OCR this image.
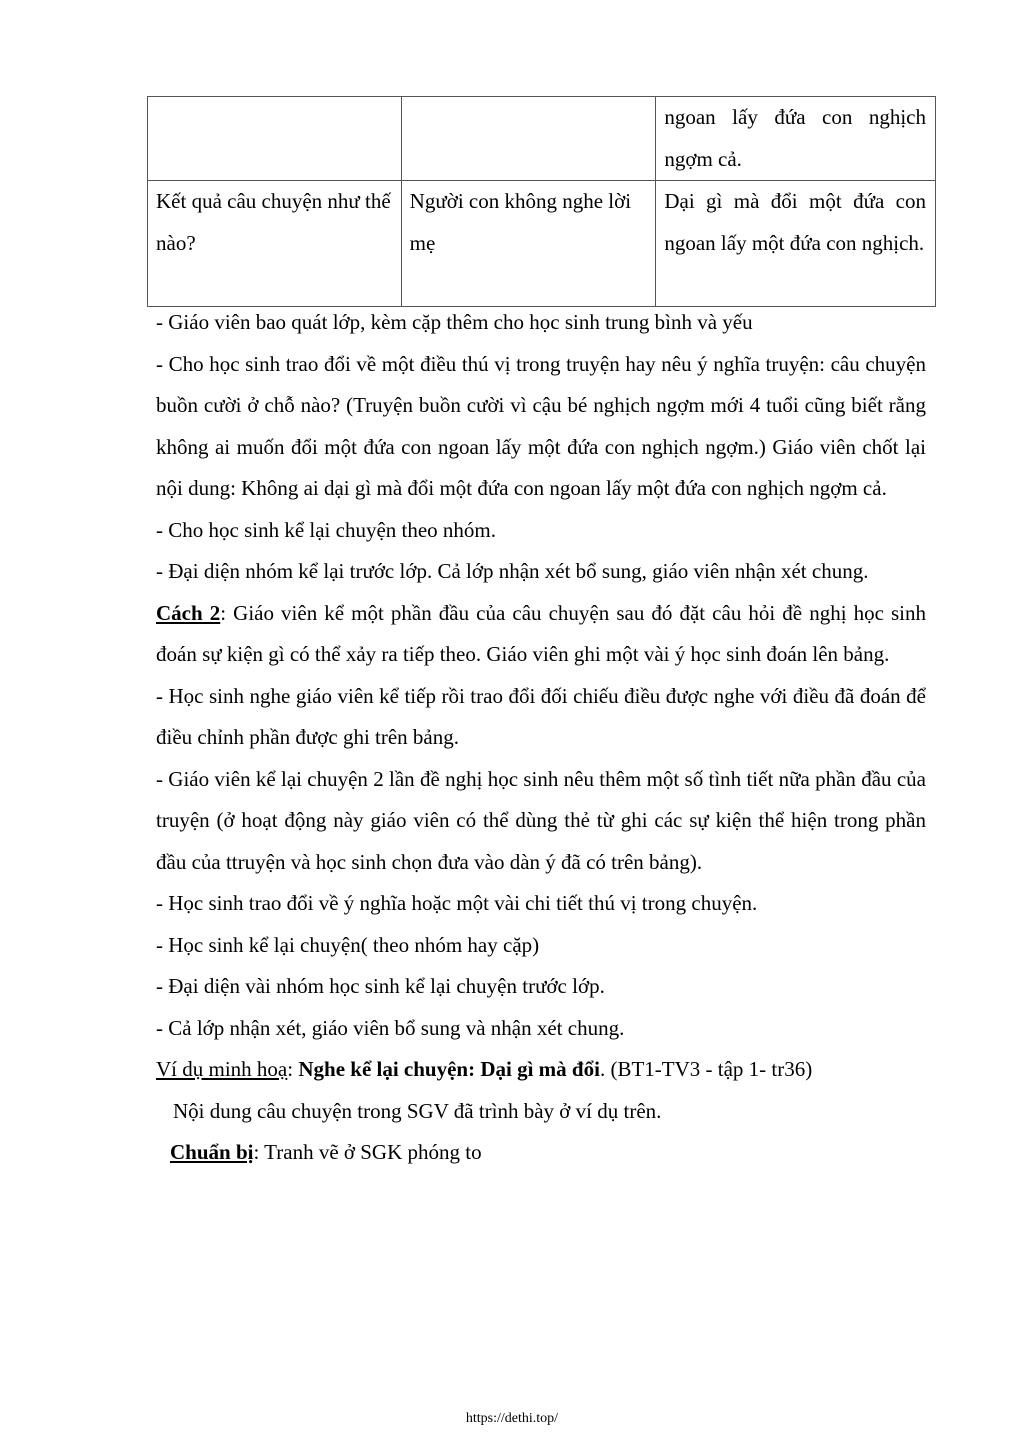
		ngoan lấy đứa con nghịch ngợm cả.
Kết quả câu chuyện như thế nào?	Người con không nghe lời mẹ	Dại gì mà đổi một đứa con ngoan lấy một đứa con nghịch.

- Giáo viên bao quát lớp, kèm cặp thêm cho học sinh trung bình và yếu

- Cho học sinh trao đổi về một điều thú vị trong truyện hay nêu ý nghĩa truyện: câu chuyện buồn cười ở chỗ nào? (Truyện buồn cười vì cậu bé nghịch ngợm mới 4 tuổi cũng biết rằng không ai muốn đổi một đứa con ngoan lấy một đứa con nghịch ngợm.) Giáo viên chốt lại nội dung: Không ai dại gì mà đổi một đứa con ngoan lấy một đứa con nghịch ngợm cả.

- Cho học sinh kể lại chuyện theo nhóm.

- Đại diện nhóm kể lại trước lớp. Cả lớp nhận xét bổ sung, giáo viên nhận xét chung.

Cách 2: Giáo viên kể một phần đầu của câu chuyện sau đó đặt câu hỏi đề nghị học sinh đoán sự kiện gì có thể xảy ra tiếp theo. Giáo viên ghi một vài ý học sinh đoán lên bảng.

- Học sinh nghe giáo viên kể tiếp rồi trao đổi đối chiếu điều được nghe với điều đã đoán để điều chỉnh phần được ghi trên bảng.

- Giáo viên kể lại chuyện 2 lần đề nghị học sinh nêu thêm một số tình tiết nữa phần đầu của truyện (ở hoạt động này giáo viên có thể dùng thẻ từ ghi các sự kiện thể hiện trong phần đầu của ttruyện và học sinh chọn đưa vào dàn ý đã có trên bảng).

- Học sinh trao đổi về ý nghĩa hoặc một vài chi tiết thú vị trong chuyện.

- Học sinh kể lại chuyện( theo nhóm hay cặp)

- Đại diện vài nhóm học sinh kể lại chuyện trước lớp.

- Cả lớp nhận xét, giáo viên bổ sung và nhận xét chung.

Ví dụ minh hoạ: Nghe kể lại chuyện: Dại gì mà đổi. (BT1-TV3 - tập 1- tr36)

Nội dung câu chuyện trong SGV đã trình bày ở ví dụ trên.

Chuẩn bị: Tranh vẽ ở SGK phóng to

https://dethi.top/
